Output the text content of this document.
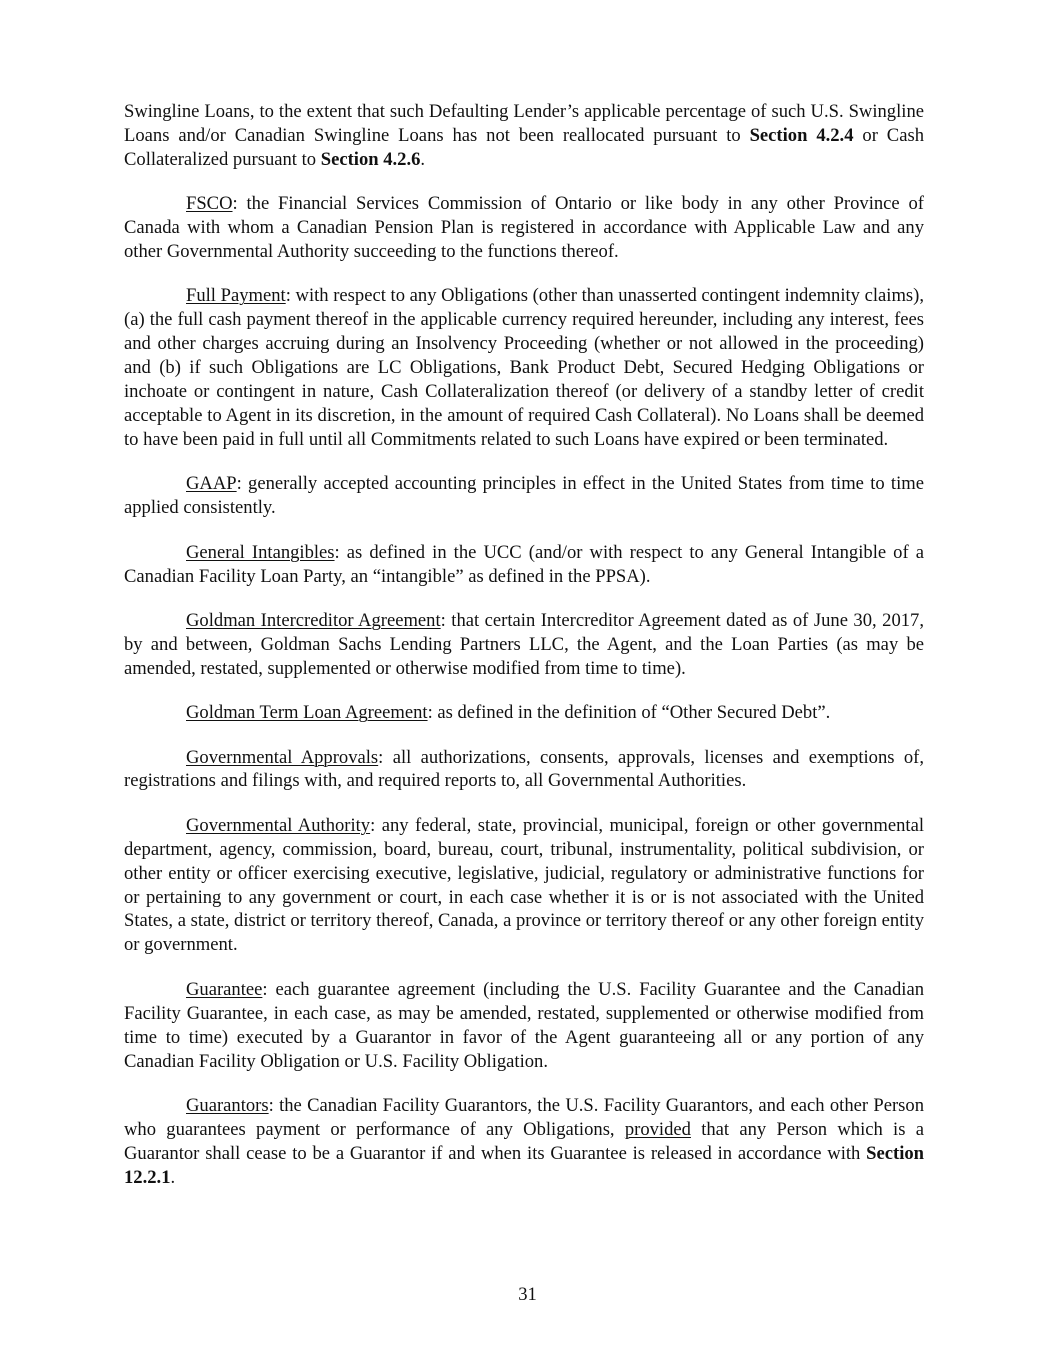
Swingline Loans, to the extent that such Defaulting Lender’s applicable percentage of such U.S. Swingline Loans and/or Canadian Swingline Loans has not been reallocated pursuant to Section 4.2.4 or Cash Collateralized pursuant to Section 4.2.6.

FSCO: the Financial Services Commission of Ontario or like body in any other Province of Canada with whom a Canadian Pension Plan is registered in accordance with Applicable Law and any other Governmental Authority succeeding to the functions thereof.

Full Payment: with respect to any Obligations (other than unasserted contingent indemnity claims), (a) the full cash payment thereof in the applicable currency required hereunder, including any interest, fees and other charges accruing during an Insolvency Proceeding (whether or not allowed in the proceeding) and (b) if such Obligations are LC Obligations, Bank Product Debt, Secured Hedging Obligations or inchoate or contingent in nature, Cash Collateralization thereof (or delivery of a standby letter of credit acceptable to Agent in its discretion, in the amount of required Cash Collateral). No Loans shall be deemed to have been paid in full until all Commitments related to such Loans have expired or been terminated.

GAAP: generally accepted accounting principles in effect in the United States from time to time applied consistently.

General Intangibles: as defined in the UCC (and/or with respect to any General Intangible of a Canadian Facility Loan Party, an “intangible” as defined in the PPSA).

Goldman Intercreditor Agreement: that certain Intercreditor Agreement dated as of June 30, 2017, by and between, Goldman Sachs Lending Partners LLC, the Agent, and the Loan Parties (as may be amended, restated, supplemented or otherwise modified from time to time).

Goldman Term Loan Agreement: as defined in the definition of “Other Secured Debt”.

Governmental Approvals: all authorizations, consents, approvals, licenses and exemptions of, registrations and filings with, and required reports to, all Governmental Authorities.

Governmental Authority: any federal, state, provincial, municipal, foreign or other governmental department, agency, commission, board, bureau, court, tribunal, instrumentality, political subdivision, or other entity or officer exercising executive, legislative, judicial, regulatory or administrative functions for or pertaining to any government or court, in each case whether it is or is not associated with the United States, a state, district or territory thereof, Canada, a province or territory thereof or any other foreign entity or government.

Guarantee: each guarantee agreement (including the U.S. Facility Guarantee and the Canadian Facility Guarantee, in each case, as may be amended, restated, supplemented or otherwise modified from time to time) executed by a Guarantor in favor of the Agent guaranteeing all or any portion of any Canadian Facility Obligation or U.S. Facility Obligation.

Guarantors: the Canadian Facility Guarantors, the U.S. Facility Guarantors, and each other Person who guarantees payment or performance of any Obligations, provided that any Person which is a Guarantor shall cease to be a Guarantor if and when its Guarantee is released in accordance with Section 12.2.1.

31
